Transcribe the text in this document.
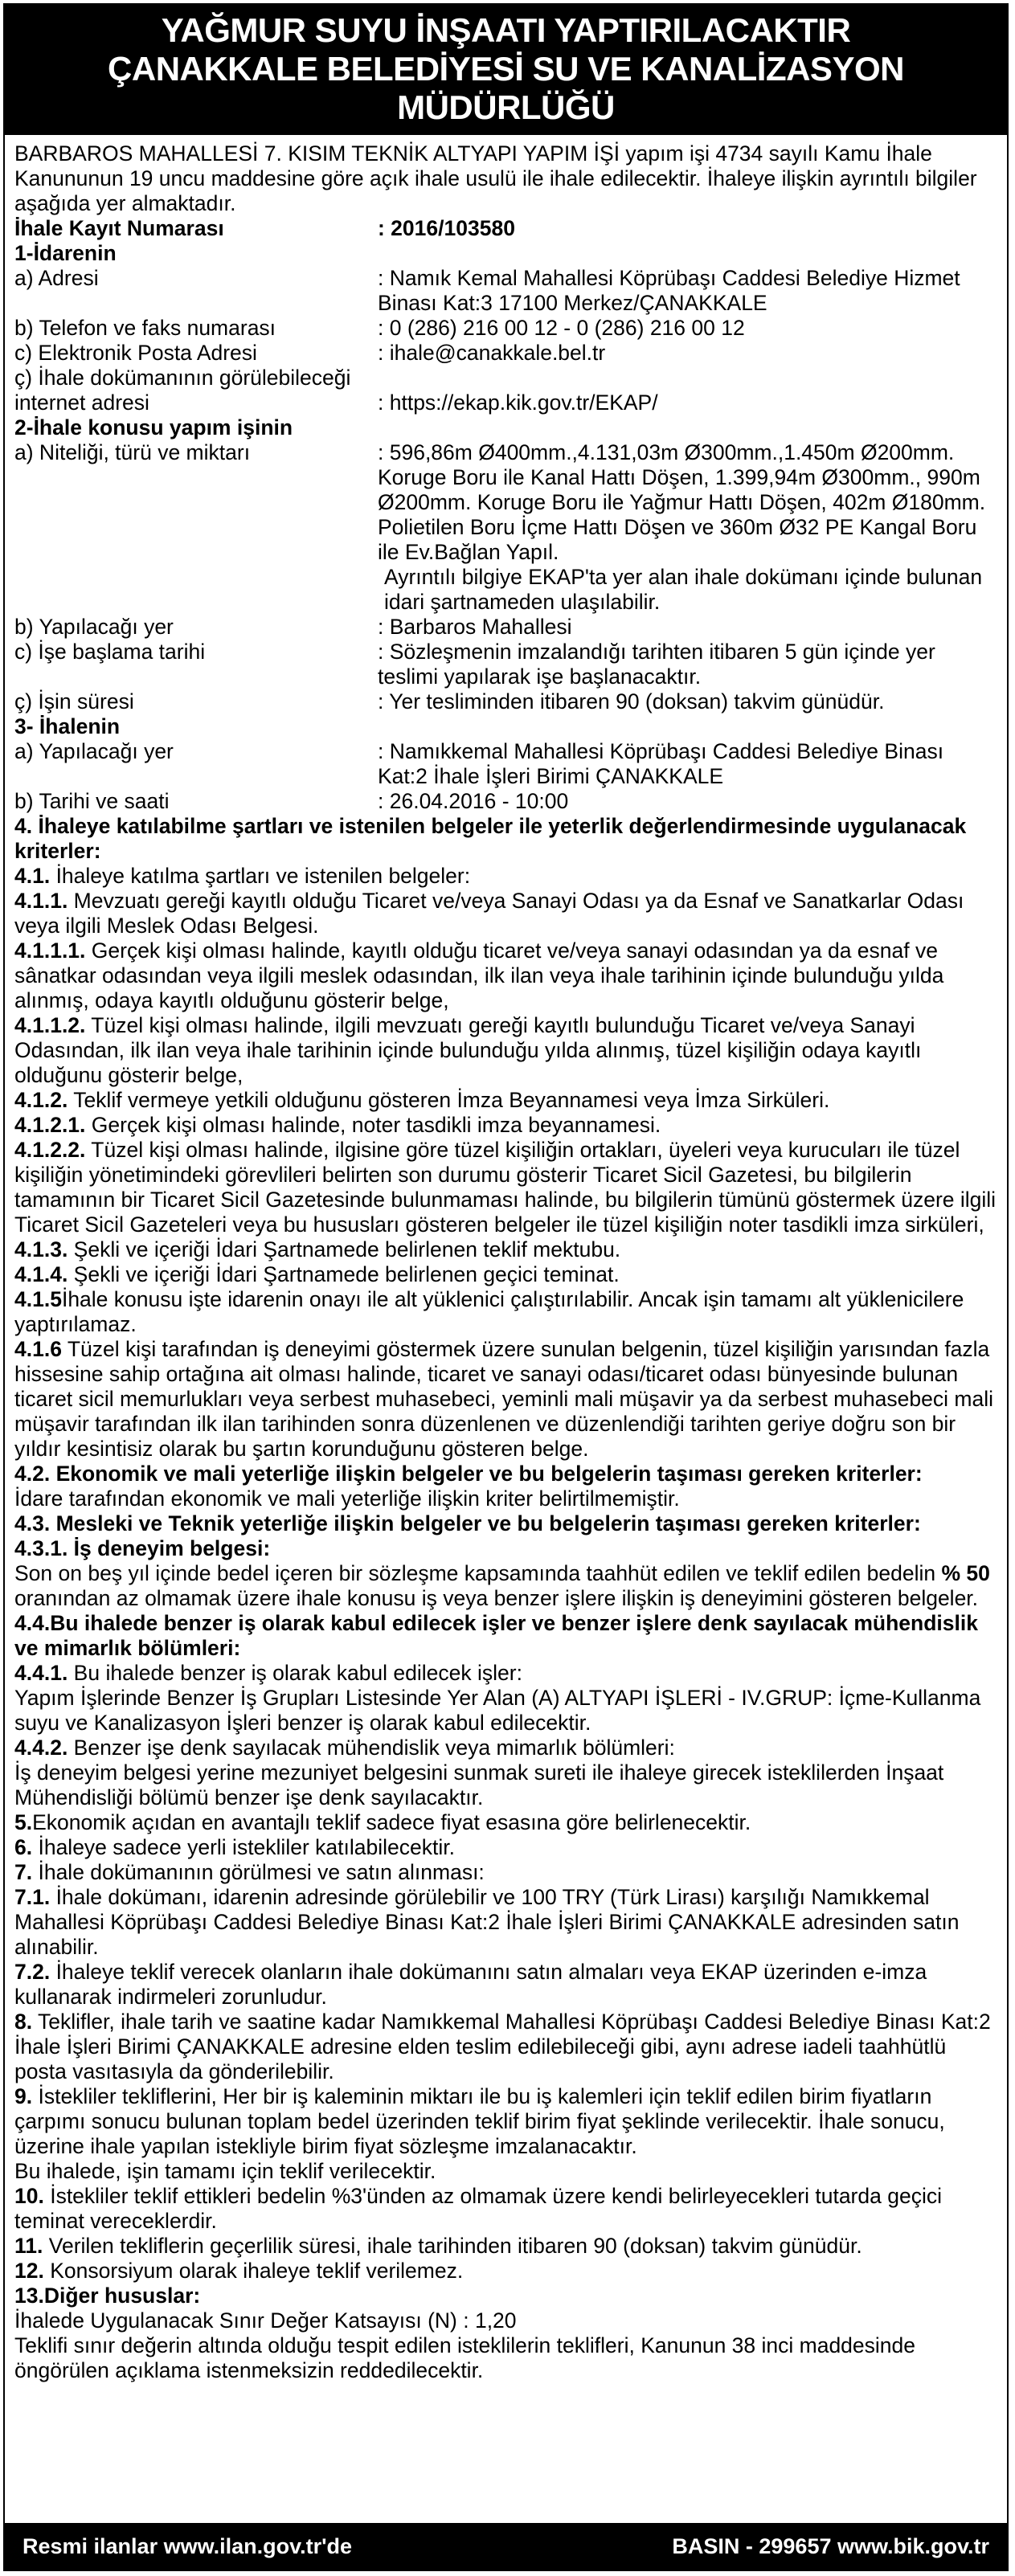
YAĞMUR SUYU İNŞAATI YAPTIRILACAKTIR
ÇANAKKALE BELEDİYESİ SU VE KANALİZASYON MÜDÜRLÜĞÜ

BARBAROS MAHALLESİ 7. KISIM TEKNİK ALTYAPI YAPIM İŞİ yapım işi 4734 sayılı Kamu İhale Kanununun 19 uncu maddesine göre açık ihale usulü ile ihale edilecektir. İhaleye ilişkin ayrıntılı bilgiler aşağıda yer almaktadır.

İhale Kayıt Numarası	: 2016/103580

1-İdarenin

a) Adresi	: Namık Kemal Mahallesi Köprübaşı Caddesi Belediye Hizmet Binası Kat:3 17100 Merkez/ÇANAKKALE
b) Telefon ve faks numarası	: 0 (286) 216 00 12 - 0 (286) 216 00 12
c) Elektronik Posta Adresi	: ihale@canakkale.bel.tr
ç) İhale dokümanının görülebileceği
internet adresi
	: https://ekap.kik.gov.tr/EKAP/

2-İhale konusu yapım işinin

a) Niteliği, türü ve miktarı	: 596,86m Ø400mm.,4.131,03m Ø300mm.,1.450m Ø200mm. Koruge Boru ile Kanal Hattı Döşen, 1.399,94m Ø300mm., 990m Ø200mm. Koruge Boru ile Yağmur Hattı Döşen, 402m Ø180mm. Polietilen Boru İçme Hattı Döşen ve 360m Ø32 PE Kangal Boru ile Ev.Bağlan Yapıl.
Ayrıntılı bilgiye EKAP'ta yer alan ihale dokümanı içinde bulunan idari şartnameden ulaşılabilir.
b) Yapılacağı yer	: Barbaros Mahallesi
c) İşe başlama tarihi	: Sözleşmenin imzalandığı tarihten itibaren 5 gün içinde yer teslimi yapılarak işe başlanacaktır.
ç) İşin süresi	: Yer tesliminden itibaren 90 (doksan) takvim günüdür.

3- İhalenin

a) Yapılacağı yer	: Namıkkemal Mahallesi Köprübaşı Caddesi Belediye Binası Kat:2 İhale İşleri Birimi ÇANAKKALE
b) Tarihi ve saati	: 26.04.2016 - 10:00

4. İhaleye katılabilme şartları ve istenilen belgeler ile yeterlik değerlendirmesinde uygulanacak kriterler:

4.1. İhaleye katılma şartları ve istenilen belgeler:

4.1.1. Mevzuatı gereği kayıtlı olduğu Ticaret ve/veya Sanayi Odası ya da Esnaf ve Sanatkarlar Odası veya ilgili Meslek Odası Belgesi.

4.1.1.1. Gerçek kişi olması halinde, kayıtlı olduğu ticaret ve/veya sanayi odasından ya da esnaf ve sânatkar odasından veya ilgili meslek odasından, ilk ilan veya ihale tarihinin içinde bulunduğu yılda alınmış, odaya kayıtlı olduğunu gösterir belge,

4.1.1.2. Tüzel kişi olması halinde, ilgili mevzuatı gereği kayıtlı bulunduğu Ticaret ve/veya Sanayi Odasından, ilk ilan veya ihale tarihinin içinde bulunduğu yılda alınmış, tüzel kişiliğin odaya kayıtlı olduğunu gösterir belge,

4.1.2. Teklif vermeye yetkili olduğunu gösteren İmza Beyannamesi veya İmza Sirküleri.

4.1.2.1. Gerçek kişi olması halinde, noter tasdikli imza beyannamesi.

4.1.2.2. Tüzel kişi olması halinde, ilgisine göre tüzel kişiliğin ortakları, üyeleri veya kurucuları ile tüzel kişiliğin yönetimindeki görevlileri belirten son durumu gösterir Ticaret Sicil Gazetesi, bu bilgilerin tamamının bir Ticaret Sicil Gazetesinde bulunmaması halinde, bu bilgilerin tümünü göstermek üzere ilgili Ticaret Sicil Gazeteleri veya bu hususları gösteren belgeler ile tüzel kişiliğin noter tasdikli imza sirküleri,

4.1.3. Şekli ve içeriği İdari Şartnamede belirlenen teklif mektubu.

4.1.4. Şekli ve içeriği İdari Şartnamede belirlenen geçici teminat.

4.1.5İhale konusu işte idarenin onayı ile alt yüklenici çalıştırılabilir. Ancak işin tamamı alt yüklenicilere yaptırılamaz.

4.1.6 Tüzel kişi tarafından iş deneyimi göstermek üzere sunulan belgenin, tüzel kişiliğin yarısından fazla hissesine sahip ortağına ait olması halinde, ticaret ve sanayi odası/ticaret odası bünyesinde bulunan ticaret sicil memurlukları veya serbest muhasebeci, yeminli mali müşavir ya da serbest muhasebeci mali müşavir tarafından ilk ilan tarihinden sonra düzenlenen ve düzenlendiği tarihten geriye doğru son bir yıldır kesintisiz olarak bu şartın korunduğunu gösteren belge.

4.2. Ekonomik ve mali yeterliğe ilişkin belgeler ve bu belgelerin taşıması gereken kriterler:

İdare tarafından ekonomik ve mali yeterliğe ilişkin kriter belirtilmemiştir.

4.3. Mesleki ve Teknik yeterliğe ilişkin belgeler ve bu belgelerin taşıması gereken kriterler:

4.3.1. İş deneyim belgesi:

Son on beş yıl içinde bedel içeren bir sözleşme kapsamında taahhüt edilen ve teklif edilen bedelin % 50 oranından az olmamak üzere ihale konusu iş veya benzer işlere ilişkin iş deneyimini gösteren belgeler.

4.4.Bu ihalede benzer iş olarak kabul edilecek işler ve benzer işlere denk sayılacak mühendislik ve mimarlık bölümleri:

4.4.1. Bu ihalede benzer iş olarak kabul edilecek işler:

Yapım İşlerinde Benzer İş Grupları Listesinde Yer Alan (A) ALTYAPI İŞLERİ - IV.GRUP: İçme-Kullanma suyu ve Kanalizasyon İşleri benzer iş olarak kabul edilecektir.

4.4.2. Benzer işe denk sayılacak mühendislik veya mimarlık bölümleri:

İş deneyim belgesi yerine mezuniyet belgesini sunmak sureti ile ihaleye girecek isteklilerden İnşaat Mühendisliği bölümü benzer işe denk sayılacaktır.

5.Ekonomik açıdan en avantajlı teklif sadece fiyat esasına göre belirlenecektir.

6. İhaleye sadece yerli istekliler katılabilecektir.

7. İhale dokümanının görülmesi ve satın alınması:

7.1. İhale dokümanı, idarenin adresinde görülebilir ve 100 TRY (Türk Lirası) karşılığı Namıkkemal Mahallesi Köprübaşı Caddesi Belediye Binası Kat:2 İhale İşleri Birimi ÇANAKKALE adresinden satın alınabilir.

7.2. İhaleye teklif verecek olanların ihale dokümanını satın almaları veya EKAP üzerinden e-imza kullanarak indirmeleri zorunludur.

8. Teklifler, ihale tarih ve saatine kadar Namıkkemal Mahallesi Köprübaşı Caddesi Belediye Binası Kat:2 İhale İşleri Birimi ÇANAKKALE adresine elden teslim edilebileceği gibi, aynı adrese iadeli taahhütlü posta vasıtasıyla da gönderilebilir.

9. İstekliler tekliflerini, Her bir iş kaleminin miktarı ile bu iş kalemleri için teklif edilen birim fiyatların çarpımı sonucu bulunan toplam bedel üzerinden teklif birim fiyat şeklinde verilecektir. İhale sonucu, üzerine ihale yapılan istekliyle birim fiyat sözleşme imzalanacaktır.

Bu ihalede, işin tamamı için teklif verilecektir.

10. İstekliler teklif ettikleri bedelin %3'ünden az olmamak üzere kendi belirleyecekleri tutarda geçici teminat vereceklerdir.

11. Verilen tekliflerin geçerlilik süresi, ihale tarihinden itibaren 90 (doksan) takvim günüdür.

12. Konsorsiyum olarak ihaleye teklif verilemez.

13.Diğer hususlar:

İhalede Uygulanacak Sınır Değer Katsayısı (N) : 1,20

Teklifi sınır değerin altında olduğu tespit edilen isteklilerin teklifleri, Kanunun 38 inci maddesinde öngörülen açıklama istenmeksizin reddedilecektir.

Resmi ilanlar www.ilan.gov.tr'de	BASIN - 299657 www.bik.gov.tr
